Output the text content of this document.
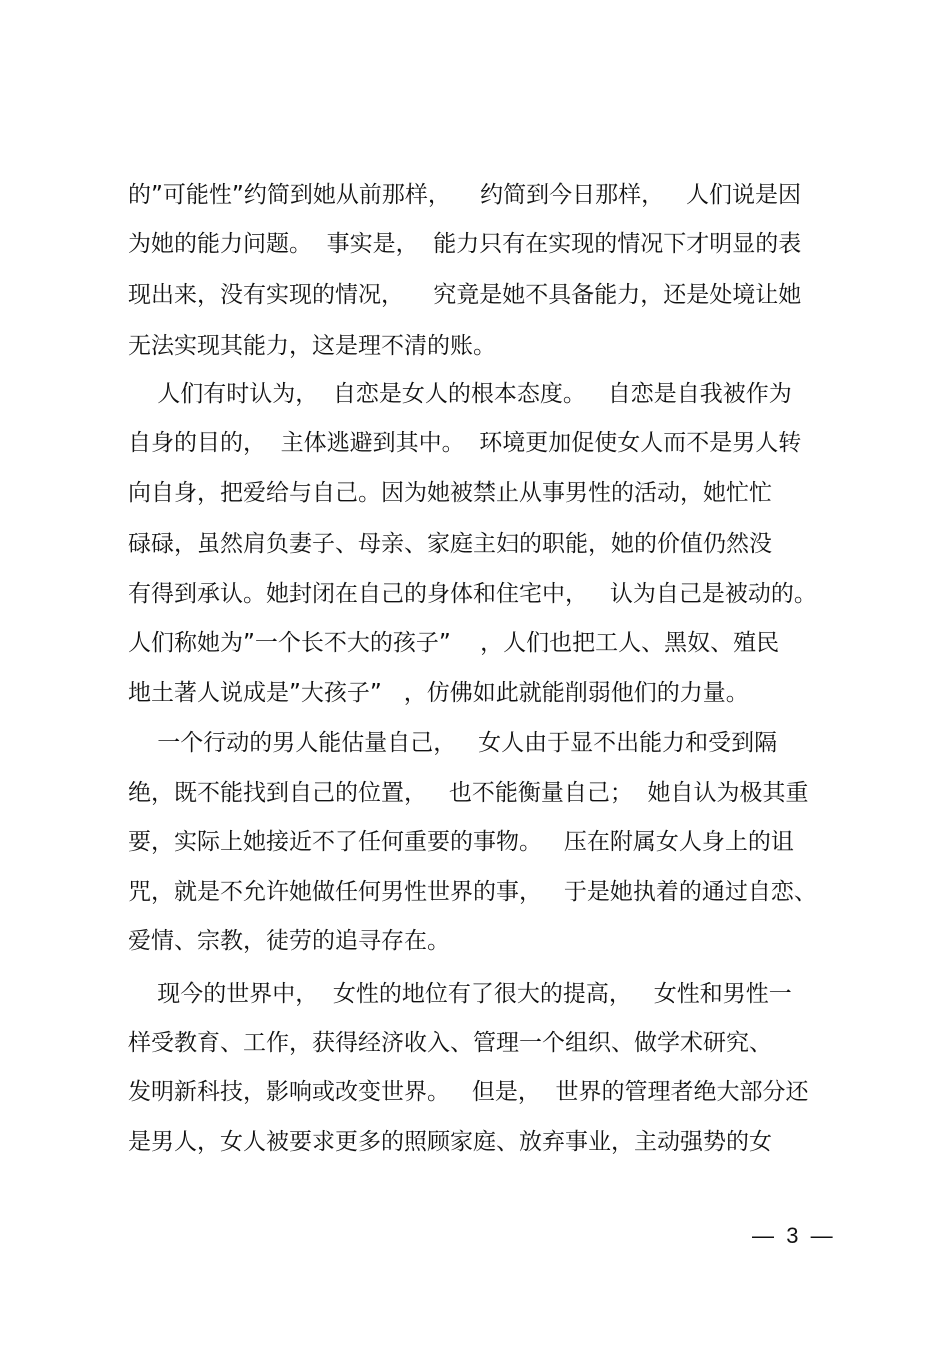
的”可能性”约简到她从前那样，    约简到今日那样，   人们说是因
为她的能力问题。  事实是，  能力只有在实现的情况下才明显的表
现出来，没有实现的情况，    究竟是她不具备能力，还是处境让她
无法实现其能力，这是理不清的账。
人们有时认为，  自恋是女人的根本态度。   自恋是自我被作为
自身的目的，  主体逃避到其中。  环境更加促使女人而不是男人转
向自身，把爱给与自己。因为她被禁止从事男性的活动，她忙忙
碌碌，虽然肩负妻子、母亲、家庭主妇的职能，她的价值仍然没
有得到承认。她封闭在自己的身体和住宅中，   认为自己是被动的。
人们称她为”一个长不大的孩子”    ，人们也把工人、黑奴、殖民
地土著人说成是”大孩子”   ，仿佛如此就能削弱他们的力量。
一个行动的男人能估量自己，   女人由于显不出能力和受到隔
绝，既不能找到自己的位置，   也不能衡量自己；  她自认为极其重
要，实际上她接近不了任何重要的事物。   压在附属女人身上的诅
咒，就是不允许她做任何男性世界的事，   于是她执着的通过自恋、
爱情、宗教，徒劳的追寻存在。
现今的世界中，  女性的地位有了很大的提高，   女性和男性一
样受教育、工作，获得经济收入、管理一个组织、做学术研究、
发明新科技，影响或改变世界。   但是，  世界的管理者绝大部分还
是男人，女人被要求更多的照顾家庭、放弃事业，主动强势的女
—  3  —
